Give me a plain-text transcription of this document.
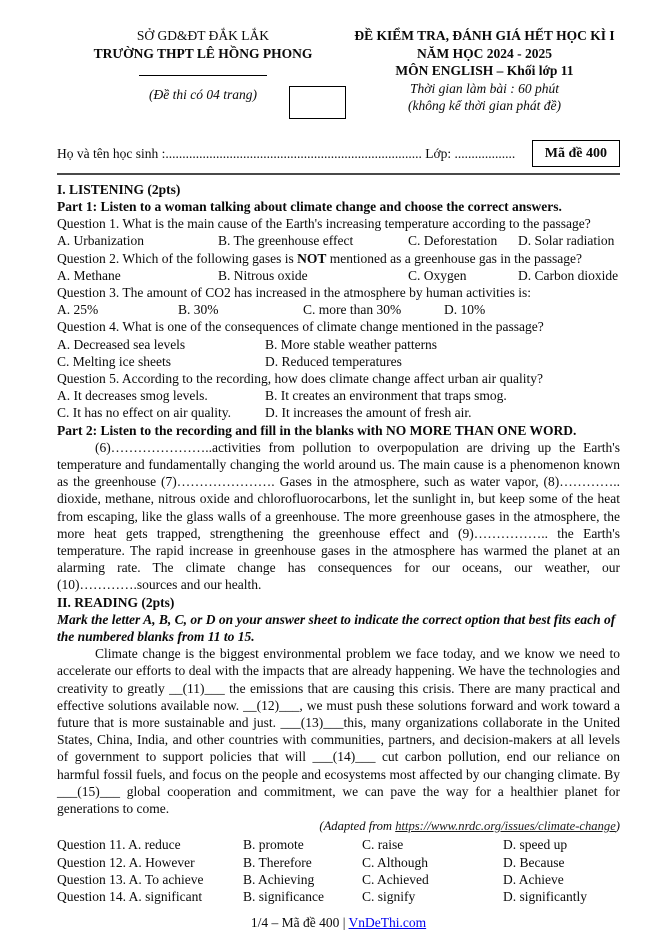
SỞ GD&ĐT ĐẮK LẮK
TRƯỜNG THPT LÊ HỒNG PHONG
(Đề thi có 04 trang)
ĐỀ KIỂM TRA, ĐÁNH GIÁ HẾT HỌC KÌ I
NĂM HỌC 2024 - 2025
MÔN ENGLISH – Khối lớp 11
Thời gian làm bài : 60 phút
(không kể thời gian phát đề)
Họ và tên học sinh :............................................................................ Lớp: ..................	Mã đề 400
I. LISTENING (2pts)
Part 1: Listen to a woman talking about climate change and choose the correct answers.
Question 1. What is the main cause of the Earth's increasing temperature according to the passage?
A. Urbanization	B. The greenhouse effect	C. Deforestation	D. Solar radiation
Question 2. Which of the following gases is NOT mentioned as a greenhouse gas in the passage?
A. Methane	B. Nitrous oxide	C. Oxygen	D. Carbon dioxide
Question 3. The amount of CO2 has increased in the atmosphere by human activities is:
A. 25%	B. 30%	C. more than 30%	D. 10%
Question 4. What is one of the consequences of climate change mentioned in the passage?
A. Decreased sea levels	B. More stable weather patterns
C. Melting ice sheets	D. Reduced temperatures
Question 5. According to the recording, how does climate change affect urban air quality?
A. It decreases smog levels.	B. It creates an environment that traps smog.
C. It has no effect on air quality.	D. It increases the amount of fresh air.
Part 2: Listen to the recording and fill in the blanks with NO MORE THAN ONE WORD.
(6)…………………..activities from pollution to overpopulation are driving up the Earth's temperature and fundamentally changing the world around us. The main cause is a phenomenon known as the greenhouse (7)…………………. Gases in the atmosphere, such as water vapor, (8)………….. dioxide, methane, nitrous oxide and chlorofluorocarbons, let the sunlight in, but keep some of the heat from escaping, like the glass walls of a greenhouse. The more greenhouse gases in the atmosphere, the more heat gets trapped, strengthening the greenhouse effect and (9)…………….. the Earth's temperature. The rapid increase in greenhouse gases in the atmosphere has warmed the planet at an alarming rate. The climate change has consequences for our oceans, our weather, our (10)………….sources and our health.
II. READING (2pts)
Mark the letter A, B, C, or D on your answer sheet to indicate the correct option that best fits each of the numbered blanks from 11 to 15.
Climate change is the biggest environmental problem we face today, and we know we need to accelerate our efforts to deal with the impacts that are already happening. We have the technologies and creativity to greatly __(11)___ the emissions that are causing this crisis. There are many practical and effective solutions available now. __(12)___, we must push these solutions forward and work toward a future that is more sustainable and just. ___(13)___this, many organizations collaborate in the United States, China, India, and other countries with communities, partners, and decision-makers at all levels of government to support policies that will ___(14)___ cut carbon pollution, end our reliance on harmful fossil fuels, and focus on the people and ecosystems most affected by our changing climate. By ___(15)___ global cooperation and commitment, we can pave the way for a healthier planet for generations to come.
(Adapted from https://www.nrdc.org/issues/climate-change)
Question 11. A. reduce	B. promote	C. raise	D. speed up
Question 12. A. However	B. Therefore	C. Although	D. Because
Question 13. A. To achieve	B. Achieving	C. Achieved	D. Achieve
Question 14. A. significant	B. significance	C. signify	D. significantly
1/4 – Mã đề 400 | VnDeThi.com
